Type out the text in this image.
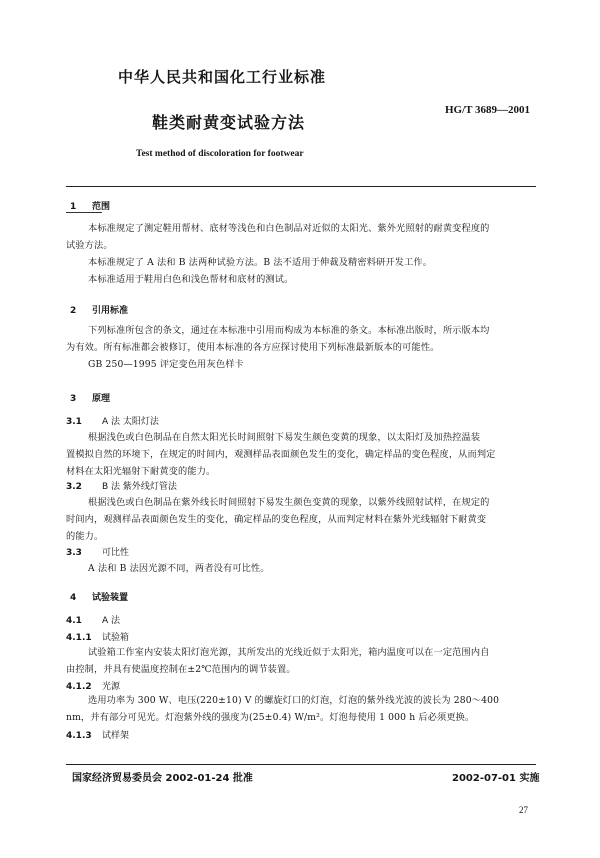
中华人民共和国化工行业标准
鞋类耐黄变试验方法
HG/T 3689—2001
Test method of discoloration for footwear
1 范围
本标准规定了测定鞋用帮材、底材等浅色和白色制品对近似的太阳光、紫外光照射的耐黄变程度的
试验方法。
本标准规定了 A 法和 B 法两种试验方法。B 法不适用于伸裁及精密料研开发工作。
本标准适用于鞋用白色和浅色帮材和底材的测试。
2 引用标准
下列标准所包含的条文，通过在本标准中引用而构成为本标准的条文。本标准出版时，所示版本均
为有效。所有标准都会被修订，使用本标准的各方应探讨使用下列标准最新版本的可能性。
GB 250—1995 评定变色用灰色样卡
3 原理
3.1 A 法 太阳灯法
根据浅色或白色制品在自然太阳光长时间照射下易发生颜色变黄的现象，以太阳灯及加热控温装
置模拟自然的环境下，在规定的时间内，观测样品表面颜色发生的变化，确定样品的变色程度，从而判定
材料在太阳光辐射下耐黄变的能力。
3.2 B 法 紫外线灯管法
根据浅色或白色制品在紫外线长时间照射下易发生颜色变黄的现象，以紫外线照射试样，在规定的
时间内，观测样品表面颜色发生的变化，确定样品的变色程度，从而判定材料在紫外光线辐射下耐黄变
的能力。
3.3 可比性
A 法和 B 法因光源不同，两者没有可比性。
4 试验装置
4.1 A 法
4.1.1 试验箱
试验箱工作室内安装太阳灯泡光源，其所发出的光线近似于太阳光，箱内温度可以在一定范围内自
由控制，并具有使温度控制在±2℃范围内的调节装置。
4.1.2 光源
选用功率为 300 W、电压(220±10) V 的螺旋灯口的灯泡，灯泡的紫外线光波的波长为 280～400
nm，并有部分可见光。灯泡紫外线的强度为(25±0.4) W/m²。灯泡每使用 1 000 h 后必须更换。
4.1.3 试样架
国家经济贸易委员会 2002-01-24 批准	2002-07-01 实施
27
